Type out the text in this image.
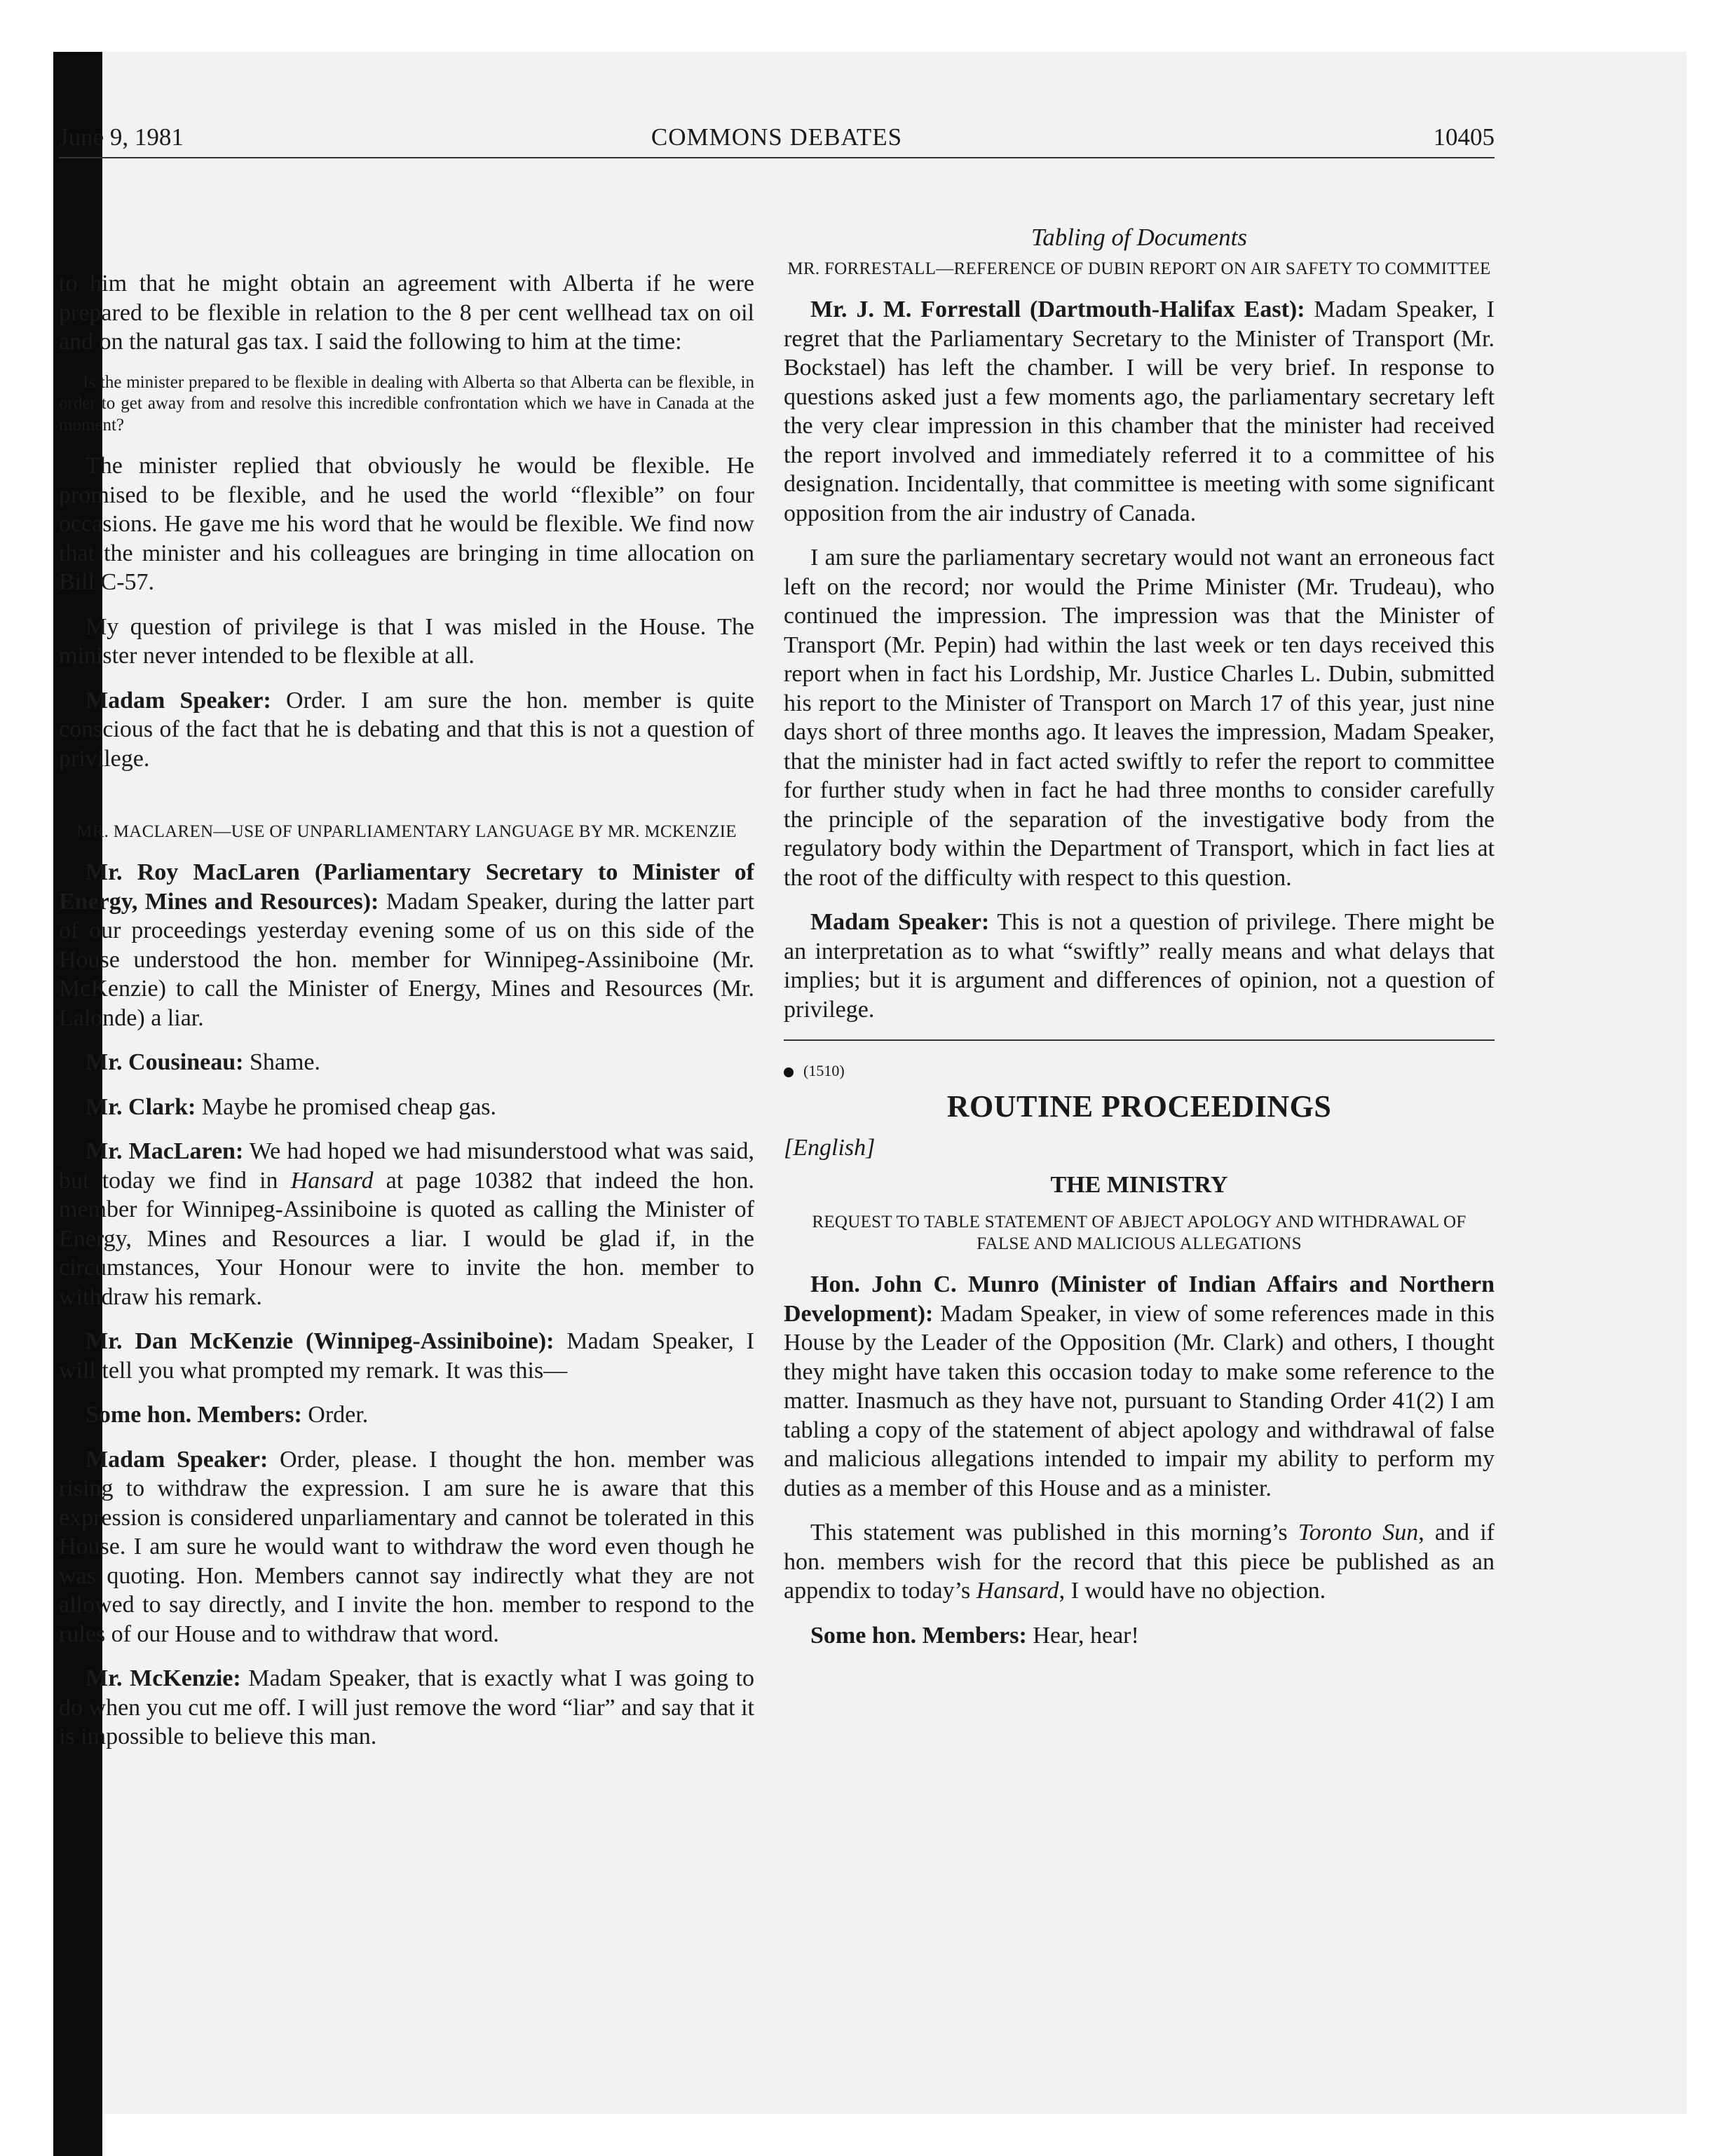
June 9, 1981	COMMONS DEBATES	10405

to him that he might obtain an agreement with Alberta if he were prepared to be flexible in relation to the 8 per cent wellhead tax on oil and on the natural gas tax. I said the following to him at the time:

Is the minister prepared to be flexible in dealing with Alberta so that Alberta can be flexible, in order to get away from and resolve this incredible confrontation which we have in Canada at the moment?

The minister replied that obviously he would be flexible. He promised to be flexible, and he used the world “flexible” on four occasions. He gave me his word that he would be flexible. We find now that the minister and his colleagues are bringing in time allocation on Bill C-57.

My question of privilege is that I was misled in the House. The minister never intended to be flexible at all.

Madam Speaker: Order. I am sure the hon. member is quite conscious of the fact that he is debating and that this is not a question of privilege.

MR. MACLAREN—USE OF UNPARLIAMENTARY LANGUAGE BY MR. MCKENZIE

Mr. Roy MacLaren (Parliamentary Secretary to Minister of Energy, Mines and Resources): Madam Speaker, during the latter part of our proceedings yesterday evening some of us on this side of the House understood the hon. member for Winnipeg-Assiniboine (Mr. McKenzie) to call the Minister of Energy, Mines and Resources (Mr. Lalonde) a liar.

Mr. Cousineau: Shame.

Mr. Clark: Maybe he promised cheap gas.

Mr. MacLaren: We had hoped we had misunderstood what was said, but today we find in Hansard at page 10382 that indeed the hon. member for Winnipeg-Assiniboine is quoted as calling the Minister of Energy, Mines and Resources a liar. I would be glad if, in the circumstances, Your Honour were to invite the hon. member to withdraw his remark.

Mr. Dan McKenzie (Winnipeg-Assiniboine): Madam Speaker, I will tell you what prompted my remark. It was this—

Some hon. Members: Order.

Madam Speaker: Order, please. I thought the hon. member was rising to withdraw the expression. I am sure he is aware that this expression is considered unparliamentary and cannot be tolerated in this House. I am sure he would want to withdraw the word even though he was quoting. Hon. Members cannot say indirectly what they are not allowed to say directly, and I invite the hon. member to respond to the rules of our House and to withdraw that word.

Mr. McKenzie: Madam Speaker, that is exactly what I was going to do when you cut me off. I will just remove the word “liar” and say that it is impossible to believe this man.

Tabling of Documents
MR. FORRESTALL—REFERENCE OF DUBIN REPORT ON AIR SAFETY TO COMMITTEE

Mr. J. M. Forrestall (Dartmouth-Halifax East): Madam Speaker, I regret that the Parliamentary Secretary to the Minister of Transport (Mr. Bockstael) has left the chamber. I will be very brief. In response to questions asked just a few moments ago, the parliamentary secretary left the very clear impression in this chamber that the minister had received the report involved and immediately referred it to a committee of his designation. Incidentally, that committee is meeting with some significant opposition from the air industry of Canada.

I am sure the parliamentary secretary would not want an erroneous fact left on the record; nor would the Prime Minister (Mr. Trudeau), who continued the impression. The impression was that the Minister of Transport (Mr. Pepin) had within the last week or ten days received this report when in fact his Lordship, Mr. Justice Charles L. Dubin, submitted his report to the Minister of Transport on March 17 of this year, just nine days short of three months ago. It leaves the impression, Madam Speaker, that the minister had in fact acted swiftly to refer the report to committee for further study when in fact he had three months to consider carefully the principle of the separation of the investigative body from the regulatory body within the Department of Transport, which in fact lies at the root of the difficulty with respect to this question.

Madam Speaker: This is not a question of privilege. There might be an interpretation as to what “swiftly” really means and what delays that implies; but it is argument and differences of opinion, not a question of privilege.

(1510)
ROUTINE PROCEEDINGS
[English]
THE MINISTRY
REQUEST TO TABLE STATEMENT OF ABJECT APOLOGY AND WITHDRAWAL OF FALSE AND MALICIOUS ALLEGATIONS

Hon. John C. Munro (Minister of Indian Affairs and Northern Development): Madam Speaker, in view of some references made in this House by the Leader of the Opposition (Mr. Clark) and others, I thought they might have taken this occasion today to make some reference to the matter. Inasmuch as they have not, pursuant to Standing Order 41(2) I am tabling a copy of the statement of abject apology and withdrawal of false and malicious allegations intended to impair my ability to perform my duties as a member of this House and as a minister.

This statement was published in this morning’s Toronto Sun, and if hon. members wish for the record that this piece be published as an appendix to today’s Hansard, I would have no objection.

Some hon. Members: Hear, hear!
